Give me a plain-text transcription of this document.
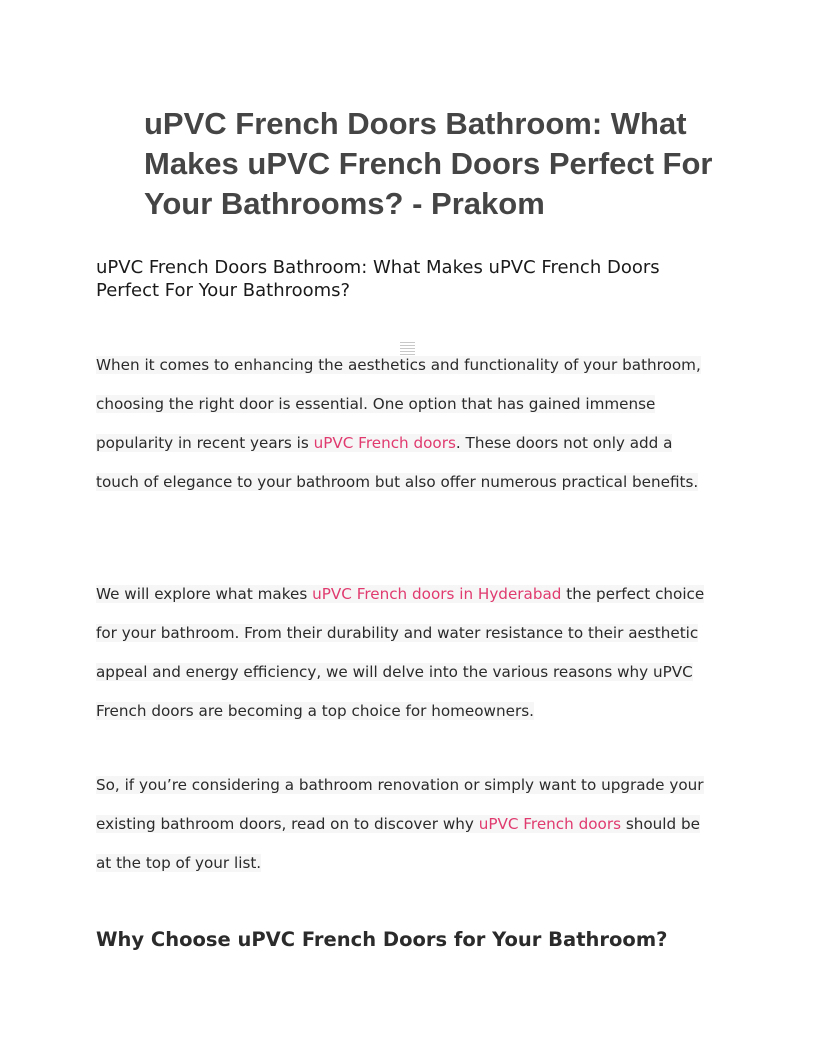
uPVC French Doors Bathroom: What Makes uPVC French Doors Perfect For Your Bathrooms? - Prakom
uPVC French Doors Bathroom: What Makes uPVC French Doors Perfect For Your Bathrooms?

When it comes to enhancing the aesthetics and functionality of your bathroom, choosing the right door is essential. One option that has gained immense popularity in recent years is uPVC French doors. These doors not only add a touch of elegance to your bathroom but also offer numerous practical benefits.

We will explore what makes uPVC French doors in Hyderabad the perfect choice for your bathroom. From their durability and water resistance to their aesthetic appeal and energy efficiency, we will delve into the various reasons why uPVC French doors are becoming a top choice for homeowners.

So, if you’re considering a bathroom renovation or simply want to upgrade your existing bathroom doors, read on to discover why uPVC French doors should be at the top of your list.

Why Choose uPVC French Doors for Your Bathroom?
